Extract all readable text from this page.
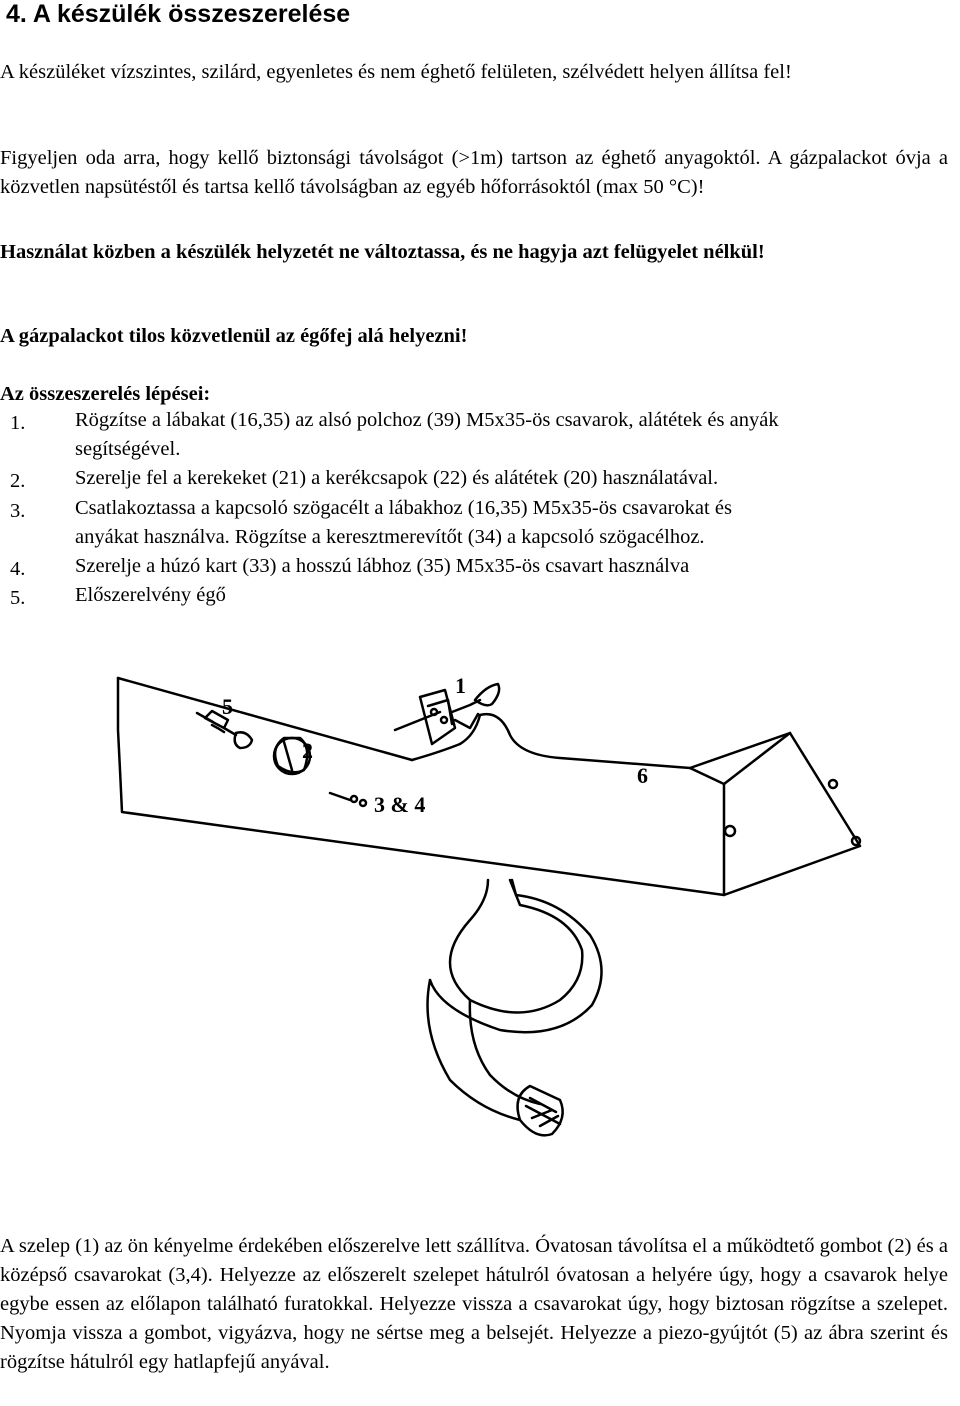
4. A készülék összeszerelése
A készüléket vízszintes, szilárd, egyenletes és nem éghető felületen, szélvédett helyen állítsa fel!
Figyeljen oda arra, hogy kellő biztonsági távolságot (>1m) tartson az éghető anyagoktól. A gázpalackot óvja a közvetlen napsütéstől és tartsa kellő távolságban az egyéb hőforrásoktól (max 50 °C)!
Használat közben a készülék helyzetét ne változtassa, és ne hagyja azt felügyelet nélkül!
A gázpalackot tilos közvetlenül az égőfej alá helyezni!
Az összeszerelés lépései:
1. Rögzítse a lábakat (16,35) az alsó polchoz (39) M5x35-ös csavarok, alátétek és anyák
segítségével.
2. Szerelje fel a kerekeket (21) a kerékcsapok (22) és alátétek (20) használatával.
3. Csatlakoztassa a kapcsoló szögacélt a lábakhoz (16,35) M5x35-ös csavarokat és
anyákat használva. Rögzítse a keresztmerevítőt (34) a kapcsoló szögacélhoz.
4. Szerelje a húzó kart (33) a hosszú lábhoz (35) M5x35-ös csavart használva
5. Előszerelvény égő
5
2
3 & 4
1
6
A szelep (1) az ön kényelme érdekében előszerelve lett szállítva. Óvatosan távolítsa el a működtető gombot (2) és a középső csavarokat (3,4). Helyezze az előszerelt szelepet hátulról óvatosan a helyére úgy, hogy a csavarok helye egybe essen az előlapon található furatokkal. Helyezze vissza a csavarokat úgy, hogy biztosan rögzítse a szelepet. Nyomja vissza a gombot, vigyázva, hogy ne sértse meg a belsejét. Helyezze a piezo-gyújtót (5) az ábra szerint és rögzítse hátulról egy hatlapfejű anyával.
